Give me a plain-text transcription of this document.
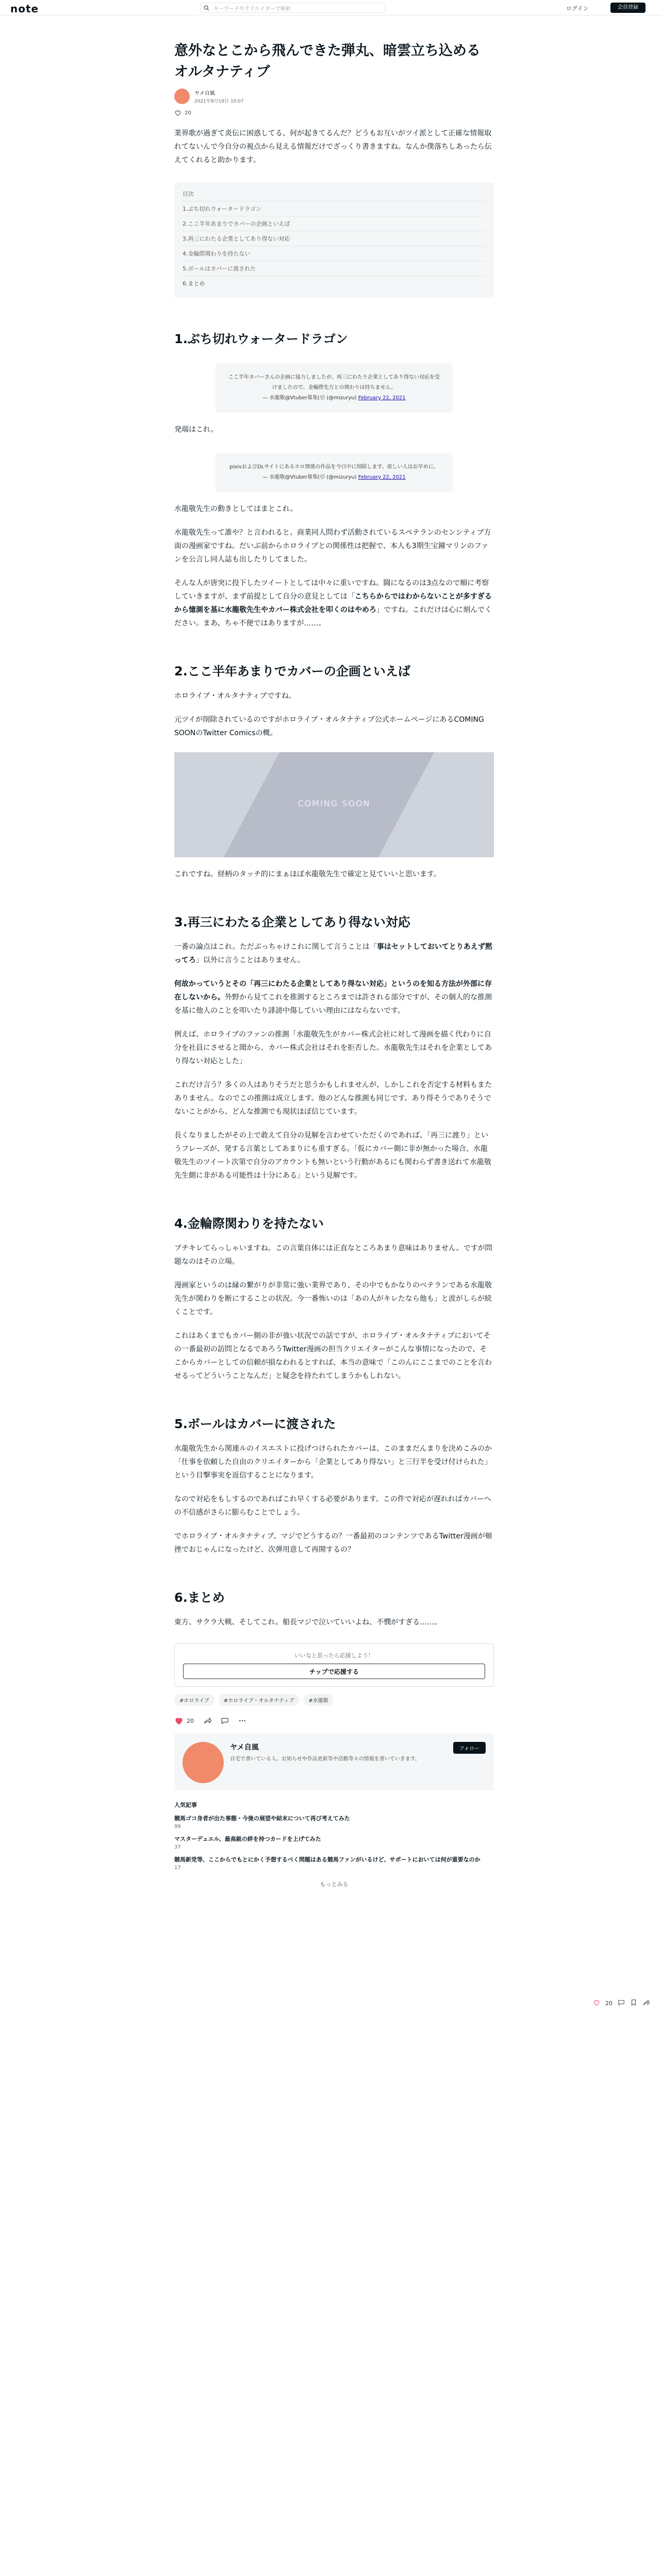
note	キーワードやクリエイターで検索	ログイン	会員登録
意外なとこから飛んできた弾丸、暗雲立ち込めるオルタナティブ
ヤメ自風
2021年8月19日 10:07
20

業界歌が過ぎて炎伝に困惑してる、何が起きてるんだ？どうもお互いがツイ派として正確な情報取れてないんで今自分の視点から見える情報だけでざっくり書きますね。なんか僕落ちしあったら伝えてくれると助かります。

目次
1.ぶち切れウォータードラゴン
2.ここ半年あまりでカバーの企画といえば
3.再三にわたる企業としてあり得ない対応
4.金輪際関わりを持たない
5.ボールはカバーに渡された
6.まとめ
1.ぶち切れウォータードラゴン
ここ半年カバーさんの企画に協力しましたが、再三にわたり企業としてあり得ない対応を受けましたので、金輪際先方との関わりは持ちません。
— 水龍敬@Vtuber募集(引 (@mizuryu) February 22, 2021

発端はこれ。

pixivおよびDLサイトにあるホロ関係の作品を今日中に削除します。欲しい人はお早めに。
— 水龍敬@Vtuber募集(引 (@mizuryu) February 22, 2021

水龍敬先生の動きとしてはまとこれ。

水龍敬先生って誰や？と言われると、商業同人問わず活動されているスペテランのセンシティブ方面の漫画家ですね。だいぶ前からホロライブとの関係性は把握で、本人も3期生宝鐘マリンのファンを公言し同人誌も出したりしてました。

そんな人が唐突に投下したツイートとしては中々に重いですね。闘になるのは3点なので順に考察していきますが、まず前提として自分の意見としては「こちらからではわからないことが多すぎるから憶測を基に水龍敬先生やカバー株式会社を叩くのはやめろ」ですね。これだけは心に刻んでください。まあ、ちゃ不便ではありますが……。

2.ここ半年あまりでカバーの企画といえば

ホロライブ・オルタナティブですね。

元ツイが削除されているのですがホロライブ・オルタナティブ公式ホームページにあるCOMING SOONのTwitter Comicsの概。

COMING SOON

これですね。経柄のタッチ的にまぁほぼ水龍敬先生で確定と見ていいと思います。

3.再三にわたる企業としてあり得ない対応

一番の論点はこれ。ただぶっちゃけこれに関して言うことは「事はセットしておいてとりあえず黙ってろ」以外に言うことはありません。

何故かっていうとその「再三にわたる企業としてあり得ない対応」というのを知る方法が外部に存在しないから。外野から見てこれを推測するところまでは許される部分ですが、その個人的な推測を基に他人のことを叩いたり誹謗中傷していい理由にはならないです。

例えば、ホロライブのファンの推測「水龍敬先生がカバー株式会社に対して漫画を描く代わりに自分を社員にさせると聞から、カバー株式会社はそれを拒否した。水龍敬先生はそれを企業としてあり得ない対応とした」

これだけ言う？多くの人はありそうだと思うかもしれませんが、しかしこれを否定する材料もまたありません。なのでこの推測は成立します。他のどんな推測も同じです。あり得そうでありそうでないことがから、どんな推測でも現状ほぼ信じています。

長くなりましたがその上で敢えて自分の見解を言わせていただくのであれば、「再三に渡り」というフレーズが、発する言葉としてあまりにも重すぎる。「仮にカバー側に非が無かった場合、水龍敬先生のツイート次第で自分のアカウントも無いという行動があるにも関わらず書き送れて水龍敬先生側に非がある可能性は十分にある」という見解です。

4.金輪際関わりを持たない

ブチキレてらっしゃいますね。この言葉自体には正直なところあまり意味はありません。ですが問題なのはその立場。

漫画家というのは縁の繋がりが非常に強い業界であり、その中でもかなりのベテランである水龍敬先生が関わりを断にすることの状況。今一番怖いのは「あの人がキレたなら他も」と波がしらが続くことです。

これはあくまでもカバー側の非が強い状況での話ですが、ホロライブ・オルタナティブにおいてその一番最初の訪問となるであろうTwitter漫画の担当クリエイターがこんな事情になったので、そこからカバーとしての信頼が損なわれるとすれば、本当の意味で「このんにここまでのことを言わせるってどういうことなんだ」と疑念を持たれてしまうかもしれない。

5.ボールはカバーに渡された

水龍敬先生から関連ルのイスエストに投げつけられたカバーは、このままだんまりを決めこみのか「仕事を依頼した自由のクリエイターから「企業としてあり得ない」と三行半を受け付けられた」という目撃事実を返信することになります。

なので対応をもしするのであればこれ早くする必要があります。この件で対応が遅れればカバーへの不信感がさらに膨らむことでしょう。

でホロライブ・オルタナティブ、マジでどうするの？一番最初のコンテンツであるTwitter漫画が頓挫でおじゃんになったけど、次弾用意して再開するの？

6.まとめ

東方、サクラ大戦、そしてこれ。船長マジで泣いていいよね、不憫がすぎる……。

いいなと思ったら応援しよう！
チップで応援する
#ホロライブ	#ホロライブ・オルタナティブ	#水龍敬
20
ヤメ自風
自宅で書いている人。お知らせや作品更新等や活動等々の情報を書いていきます。
フォロー
人気記事
競馬ゴコ身者が出た事態・今後の展望や結末について再び考えてみた
99
マスターデュエル、最高級の絆を持つカードを上げてみた
37
競馬新党等、ここからでもとにかく予想するべく問題はある競馬ファンがいるけど、サポートにおいては何が重要なのか
17
もっとみる
20
